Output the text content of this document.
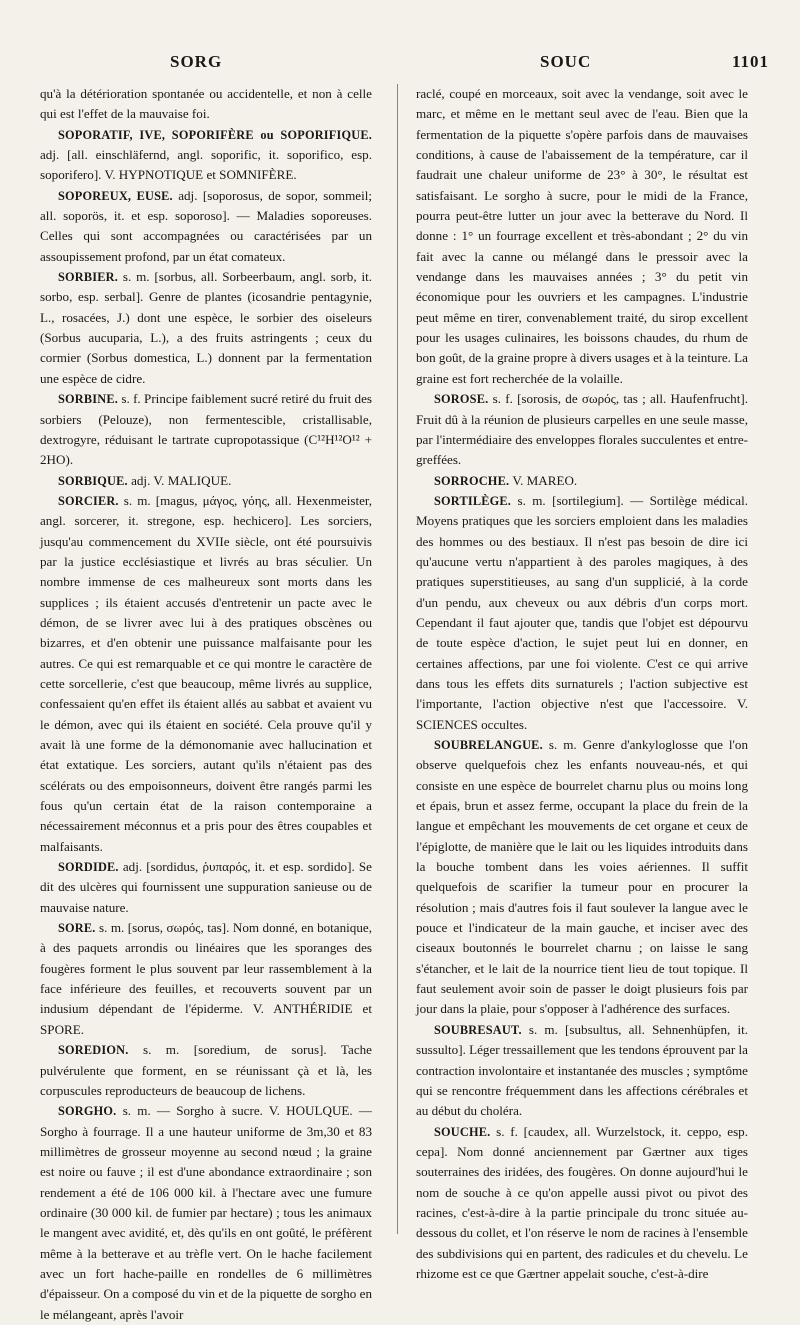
SORG	SOUC	1101

qu'à la détérioration spontanée ou accidentelle, et non à celle qui est l'effet de la mauvaise foi.

SOPORATIF, IVE, SOPORIFÈRE ou SOPORIFIQUE. adj. [all. einschläfernd, angl. soporific, it. soporifico, esp. soporifero]. V. HYPNOTIQUE et SOMNIFÈRE.

SOPOREUX, EUSE. adj. [soporosus, de sopor, sommeil; all. soporös, it. et esp. soporoso]. — Maladies soporeuses. Celles qui sont accompagnées ou caractérisées par un assoupissement profond, par un état comateux.

SORBIER. s. m. [sorbus, all. Sorbeerbaum, angl. sorb, it. sorbo, esp. serbal]. Genre de plantes (icosandrie pentagynie, L., rosacées, J.) dont une espèce, le sorbier des oiseleurs (Sorbus aucuparia, L.), a des fruits astringents ; ceux du cormier (Sorbus domestica, L.) donnent par la fermentation une espèce de cidre.

SORBINE. s. f. Principe faiblement sucré retiré du fruit des sorbiers (Pelouze), non fermentescible, cristallisable, dextrogyre, réduisant le tartrate cupropotassique (C¹²H¹²O¹² + 2HO).

SORBIQUE. adj. V. MALIQUE.

SORCIER. s. m. [magus, μάγος, γόης, all. Hexenmeister, angl. sorcerer, it. stregone, esp. hechicero]. Les sorciers, jusqu'au commencement du XVIIe siècle, ont été poursuivis par la justice ecclésiastique et livrés au bras séculier. Un nombre immense de ces malheureux sont morts dans les supplices ; ils étaient accusés d'entretenir un pacte avec le démon, de se livrer avec lui à des pratiques obscènes ou bizarres, et d'en obtenir une puissance malfaisante pour les autres. Ce qui est remarquable et ce qui montre le caractère de cette sorcellerie, c'est que beaucoup, même livrés au supplice, confessaient qu'en effet ils étaient allés au sabbat et avaient vu le démon, avec qui ils étaient en société. Cela prouve qu'il y avait là une forme de la démonomanie avec hallucination et état extatique. Les sorciers, autant qu'ils n'étaient pas des scélérats ou des empoisonneurs, doivent être rangés parmi les fous qu'un certain état de la raison contemporaine a nécessairement méconnus et a pris pour des êtres coupables et malfaisants.

SORDIDE. adj. [sordidus, ῥυπαρός, it. et esp. sordido]. Se dit des ulcères qui fournissent une suppuration sanieuse ou de mauvaise nature.

SORE. s. m. [sorus, σωρός, tas]. Nom donné, en botanique, à des paquets arrondis ou linéaires que les sporanges des fougères forment le plus souvent par leur rassemblement à la face inférieure des feuilles, et recouverts souvent par un indusium dépendant de l'épiderme. V. ANTHÉRIDIE et SPORE.

SOREDION. s. m. [soredium, de sorus]. Tache pulvérulente que forment, en se réunissant çà et là, les corpuscules reproducteurs de beaucoup de lichens.

SORGHO. s. m. — Sorgho à sucre. V. HOULQUE. — Sorgho à fourrage. Il a une hauteur uniforme de 3m,30 et 83 millimètres de grosseur moyenne au second nœud ; la graine est noire ou fauve ; il est d'une abondance extraordinaire ; son rendement a été de 106 000 kil. à l'hectare avec une fumure ordinaire (30 000 kil. de fumier par hectare) ; tous les animaux le mangent avec avidité, et, dès qu'ils en ont goûté, le préfèrent même à la betterave et au trèfle vert. On le hache facilement avec un fort hache-paille en rondelles de 6 millimètres d'épaisseur. On a composé du vin et de la piquette de sorgho en le mélangeant, après l'avoir

raclé, coupé en morceaux, soit avec la vendange, soit avec le marc, et même en le mettant seul avec de l'eau. Bien que la fermentation de la piquette s'opère parfois dans de mauvaises conditions, à cause de l'abaissement de la température, car il faudrait une chaleur uniforme de 23° à 30°, le résultat est satisfaisant. Le sorgho à sucre, pour le midi de la France, pourra peut-être lutter un jour avec la betterave du Nord. Il donne : 1° un fourrage excellent et très-abondant ; 2° du vin fait avec la canne ou mélangé dans le pressoir avec la vendange dans les mauvaises années ; 3° du petit vin économique pour les ouvriers et les campagnes. L'industrie peut même en tirer, convenablement traité, du sirop excellent pour les usages culinaires, les boissons chaudes, du rhum de bon goût, de la graine propre à divers usages et à la teinture. La graine est fort recherchée de la volaille.

SOROSE. s. f. [sorosis, de σωρός, tas ; all. Haufenfrucht]. Fruit dû à la réunion de plusieurs carpelles en une seule masse, par l'intermédiaire des enveloppes florales succulentes et entre-greffées.

SORROCHE. V. MAREO.

SORTILÈGE. s. m. [sortilegium]. — Sortilège médical. Moyens pratiques que les sorciers emploient dans les maladies des hommes ou des bestiaux. Il n'est pas besoin de dire ici qu'aucune vertu n'appartient à des paroles magiques, à des pratiques superstitieuses, au sang d'un supplicié, à la corde d'un pendu, aux cheveux ou aux débris d'un corps mort. Cependant il faut ajouter que, tandis que l'objet est dépourvu de toute espèce d'action, le sujet peut lui en donner, en certaines affections, par une foi violente. C'est ce qui arrive dans tous les effets dits surnaturels ; l'action subjective est l'importante, l'action objective n'est que l'accessoire. V. SCIENCES occultes.

SOUBRELANGUE. s. m. Genre d'ankyloglosse que l'on observe quelquefois chez les enfants nouveau-nés, et qui consiste en une espèce de bourrelet charnu plus ou moins long et épais, brun et assez ferme, occupant la place du frein de la langue et empêchant les mouvements de cet organe et ceux de l'épiglotte, de manière que le lait ou les liquides introduits dans la bouche tombent dans les voies aériennes. Il suffit quelquefois de scarifier la tumeur pour en procurer la résolution ; mais d'autres fois il faut soulever la langue avec le pouce et l'indicateur de la main gauche, et inciser avec des ciseaux boutonnés le bourrelet charnu ; on laisse le sang s'étancher, et le lait de la nourrice tient lieu de tout topique. Il faut seulement avoir soin de passer le doigt plusieurs fois par jour dans la plaie, pour s'opposer à l'adhérence des surfaces.

SOUBRESAUT. s. m. [subsultus, all. Sehnenhüpfen, it. sussulto]. Léger tressaillement que les tendons éprouvent par la contraction involontaire et instantanée des muscles ; symptôme qui se rencontre fréquemment dans les affections cérébrales et au début du choléra.

SOUCHE. s. f. [caudex, all. Wurzelstock, it. ceppo, esp. cepa]. Nom donné anciennement par Gærtner aux tiges souterraines des iridées, des fougères. On donne aujourd'hui le nom de souche à ce qu'on appelle aussi pivot ou pivot des racines, c'est-à-dire à la partie principale du tronc située au-dessous du collet, et l'on réserve le nom de racines à l'ensemble des subdivisions qui en partent, des radicules et du chevelu. Le rhizome est ce que Gærtner appelait souche, c'est-à-dire
